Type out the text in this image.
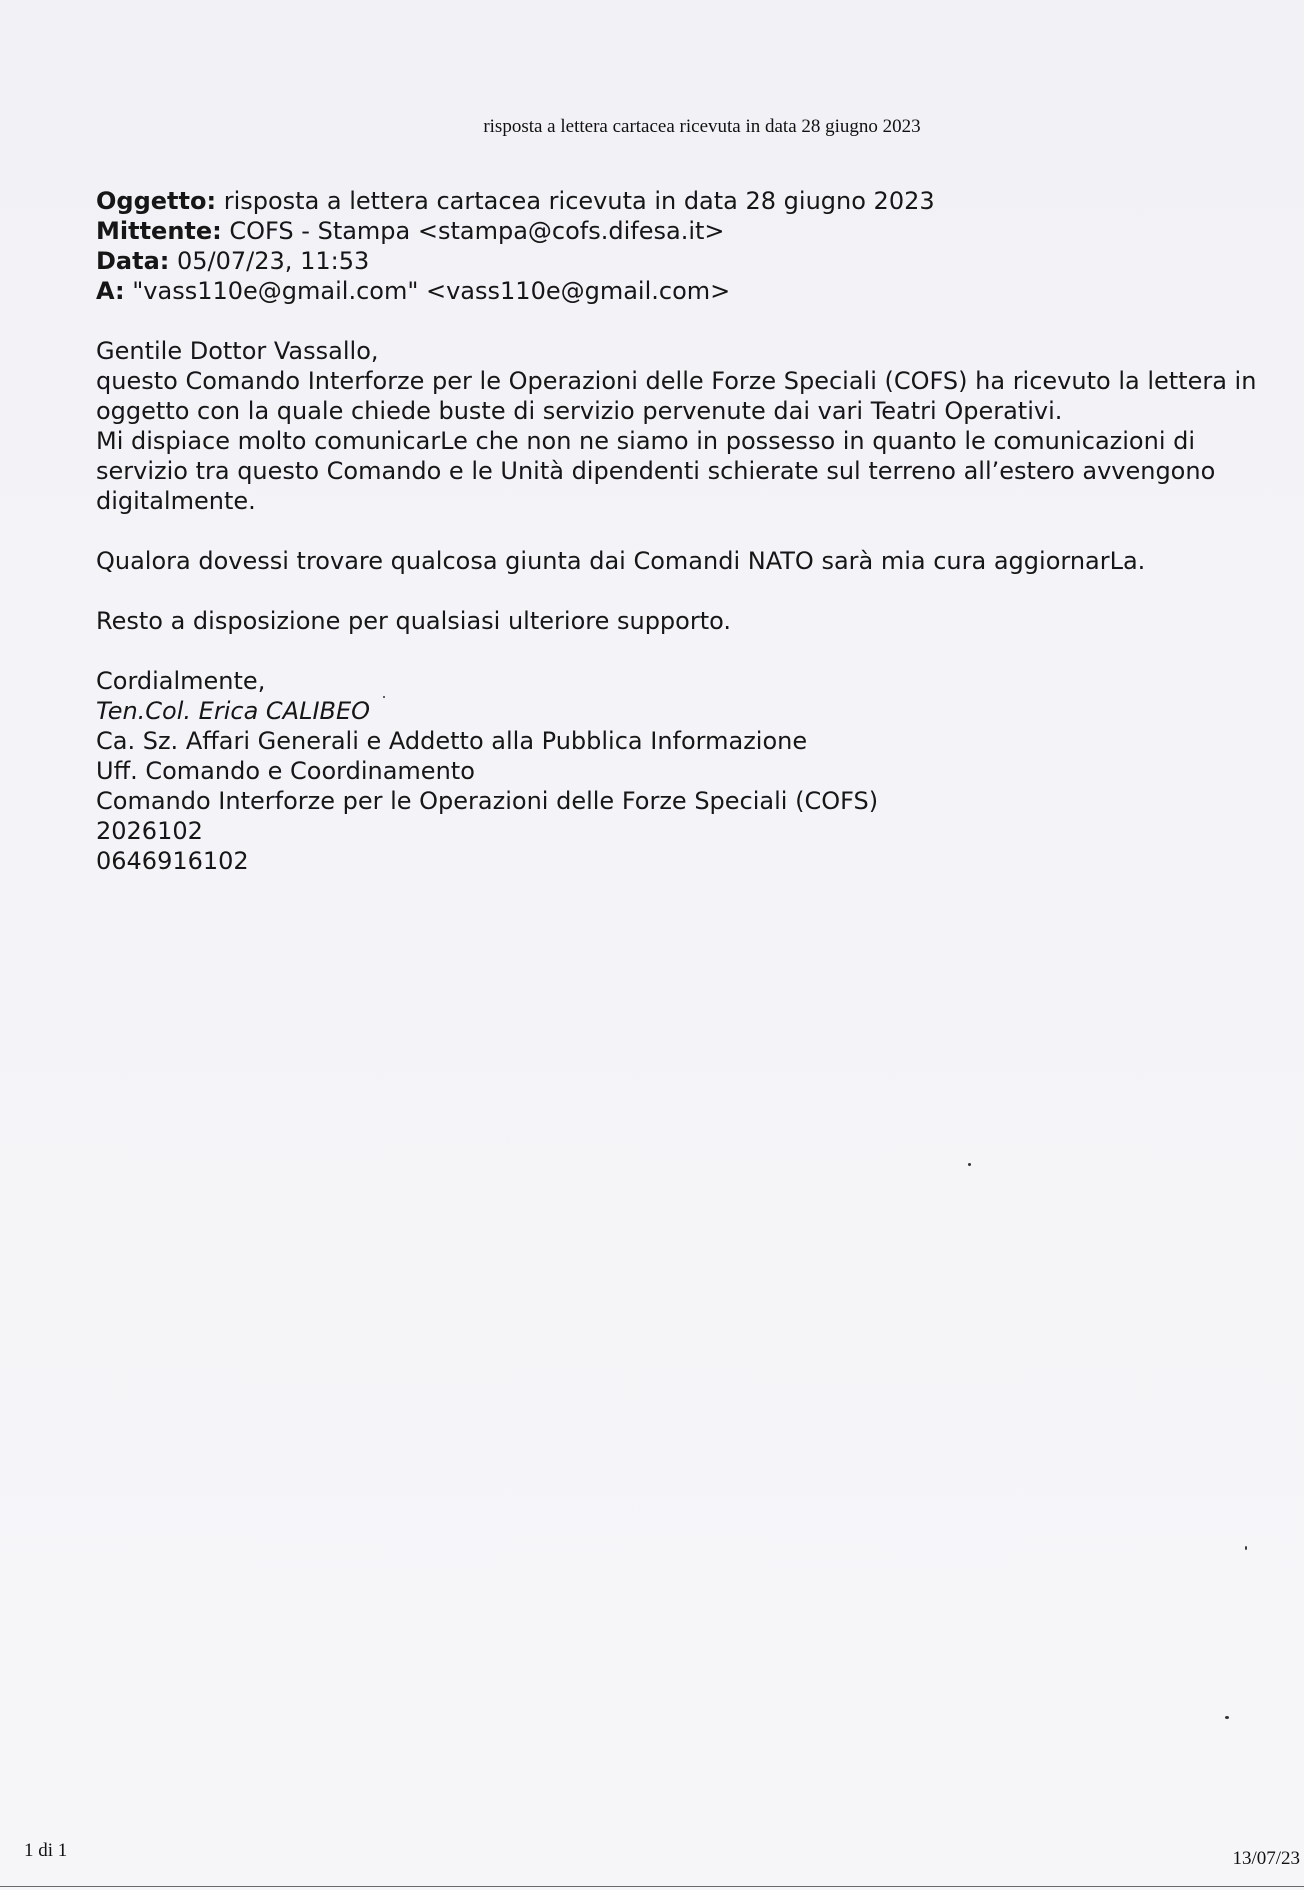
risposta a lettera cartacea ricevuta in data 28 giugno 2023
Oggetto: risposta a lettera cartacea ricevuta in data 28 giugno 2023
Mittente: COFS - Stampa <stampa@cofs.difesa.it>
Data: 05/07/23, 11:53
A: "vass110e@gmail.com" <vass110e@gmail.com>
Gentile Dottor Vassallo,
questo Comando Interforze per le Operazioni delle Forze Speciali (COFS) ha ricevuto la lettera in
oggetto con la quale chiede buste di servizio pervenute dai vari Teatri Operativi.
Mi dispiace molto comunicarLe che non ne siamo in possesso in quanto le comunicazioni di
servizio tra questo Comando e le Unità dipendenti schierate sul terreno all’estero avvengono
digitalmente.
Qualora dovessi trovare qualcosa giunta dai Comandi NATO sarà mia cura aggiornarLa.
Resto a disposizione per qualsiasi ulteriore supporto.
Cordialmente,
Ten.Col. Erica CALIBEO
Ca. Sz. Affari Generali e Addetto alla Pubblica Informazione
Uff. Comando e Coordinamento
Comando Interforze per le Operazioni delle Forze Speciali (COFS)
2026102
0646916102
1 di 1	13/07/23
